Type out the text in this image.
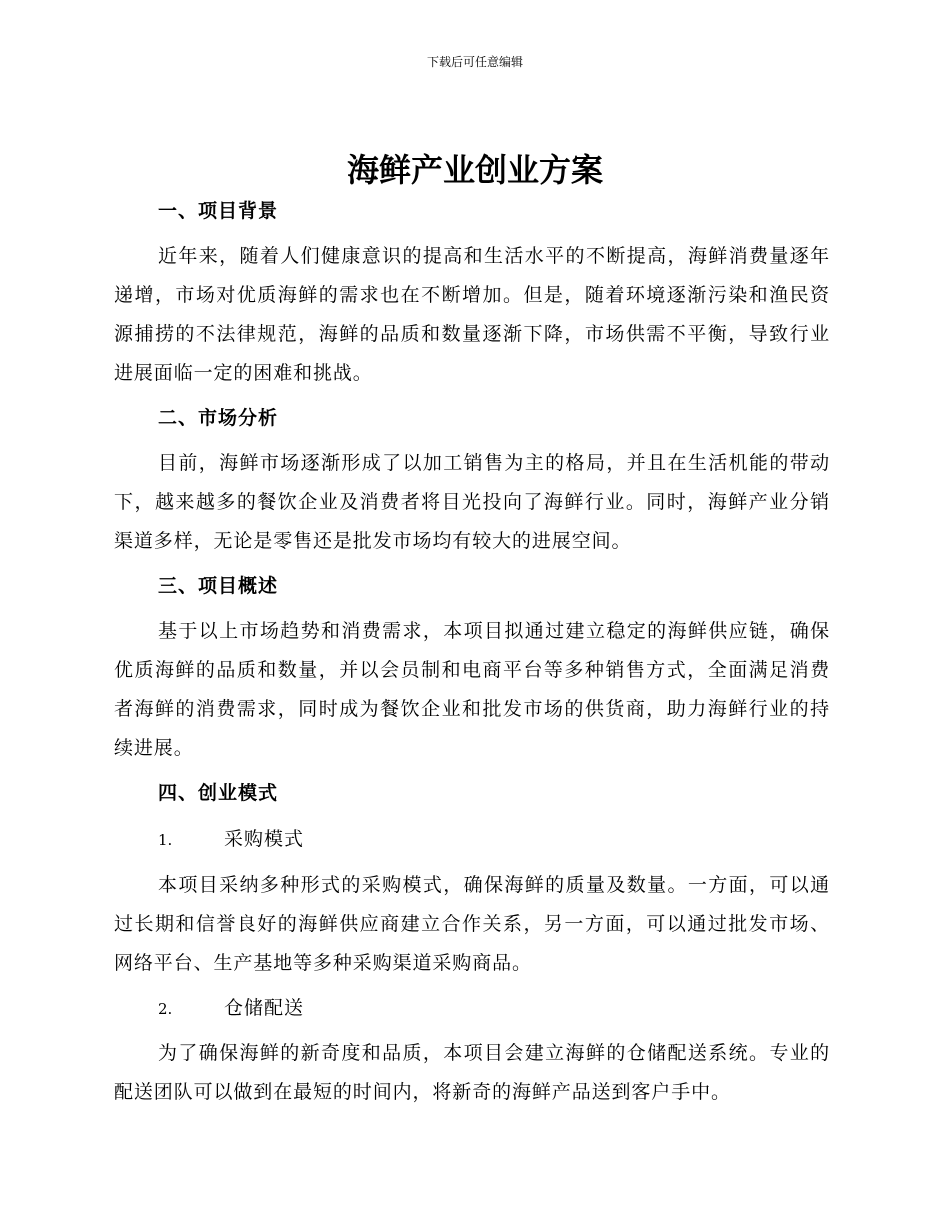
下载后可任意编辑
海鲜产业创业方案
一、项目背景

近年来，随着人们健康意识的提高和生活水平的不断提高，海鲜消费量逐年递增，市场对优质海鲜的需求也在不断增加。但是，随着环境逐渐污染和渔民资源捕捞的不法律规范，海鲜的品质和数量逐渐下降，市场供需不平衡，导致行业进展面临一定的困难和挑战。

二、市场分析

目前，海鲜市场逐渐形成了以加工销售为主的格局，并且在生活机能的带动下，越来越多的餐饮企业及消费者将目光投向了海鲜行业。同时，海鲜产业分销渠道多样，无论是零售还是批发市场均有较大的进展空间。

三、项目概述

基于以上市场趋势和消费需求，本项目拟通过建立稳定的海鲜供应链，确保优质海鲜的品质和数量，并以会员制和电商平台等多种销售方式，全面满足消费者海鲜的消费需求，同时成为餐饮企业和批发市场的供货商，助力海鲜行业的持续进展。

四、创业模式
1.	采购模式

本项目采纳多种形式的采购模式，确保海鲜的质量及数量。一方面，可以通过长期和信誉良好的海鲜供应商建立合作关系，另一方面，可以通过批发市场、网络平台、生产基地等多种采购渠道采购商品。

2.	仓储配送

为了确保海鲜的新奇度和品质，本项目会建立海鲜的仓储配送系统。专业的配送团队可以做到在最短的时间内，将新奇的海鲜产品送到客户手中。
